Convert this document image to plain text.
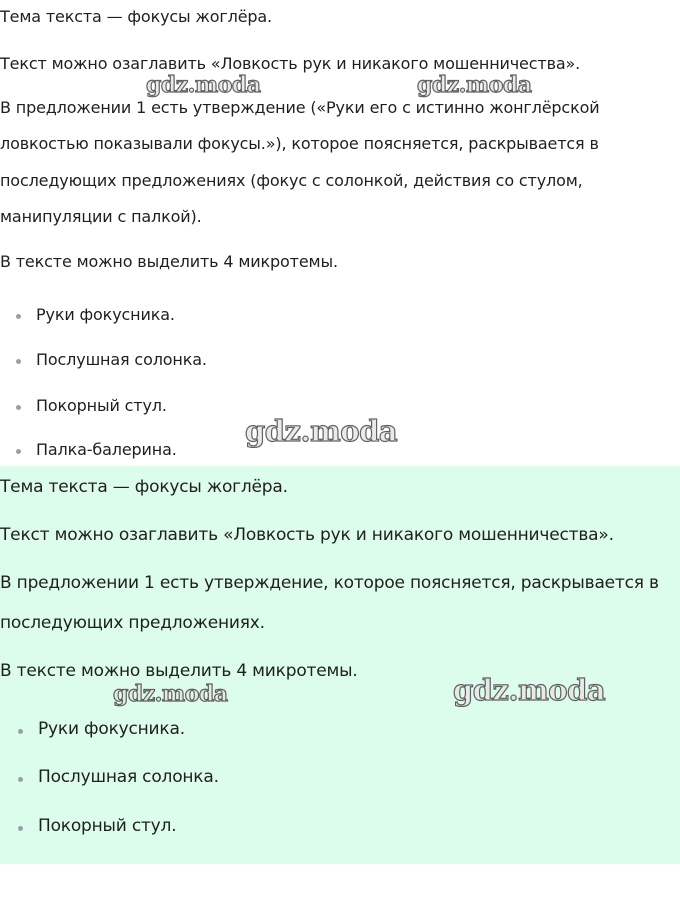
Тема текста — фокусы жоглёра.

Текст можно озаглавить «Ловкость рук и никакого мошенничества».

В предложении 1 есть утверждение («Руки его с истинно жонглёрской

ловкостью показывали фокусы.»), которое поясняется, раскрывается в

последующих предложениях (фокус с солонкой, действия со стулом,

манипуляции с палкой).

В тексте можно выделить 4 микротемы.

Руки фокусника.
Послушная солонка.
Покорный стул.
Палка-балерина.

Тема текста — фокусы жоглёра.

Текст можно озаглавить «Ловкость рук и никакого мошенничества».

В предложении 1 есть утверждение, которое поясняется, раскрывается в

последующих предложениях.

В тексте можно выделить 4 микротемы.

Руки фокусника.
Послушная солонка.
Покорный стул.
gdz.moda	gdz.moda
gdz.moda
gdz.moda	gdz.moda
